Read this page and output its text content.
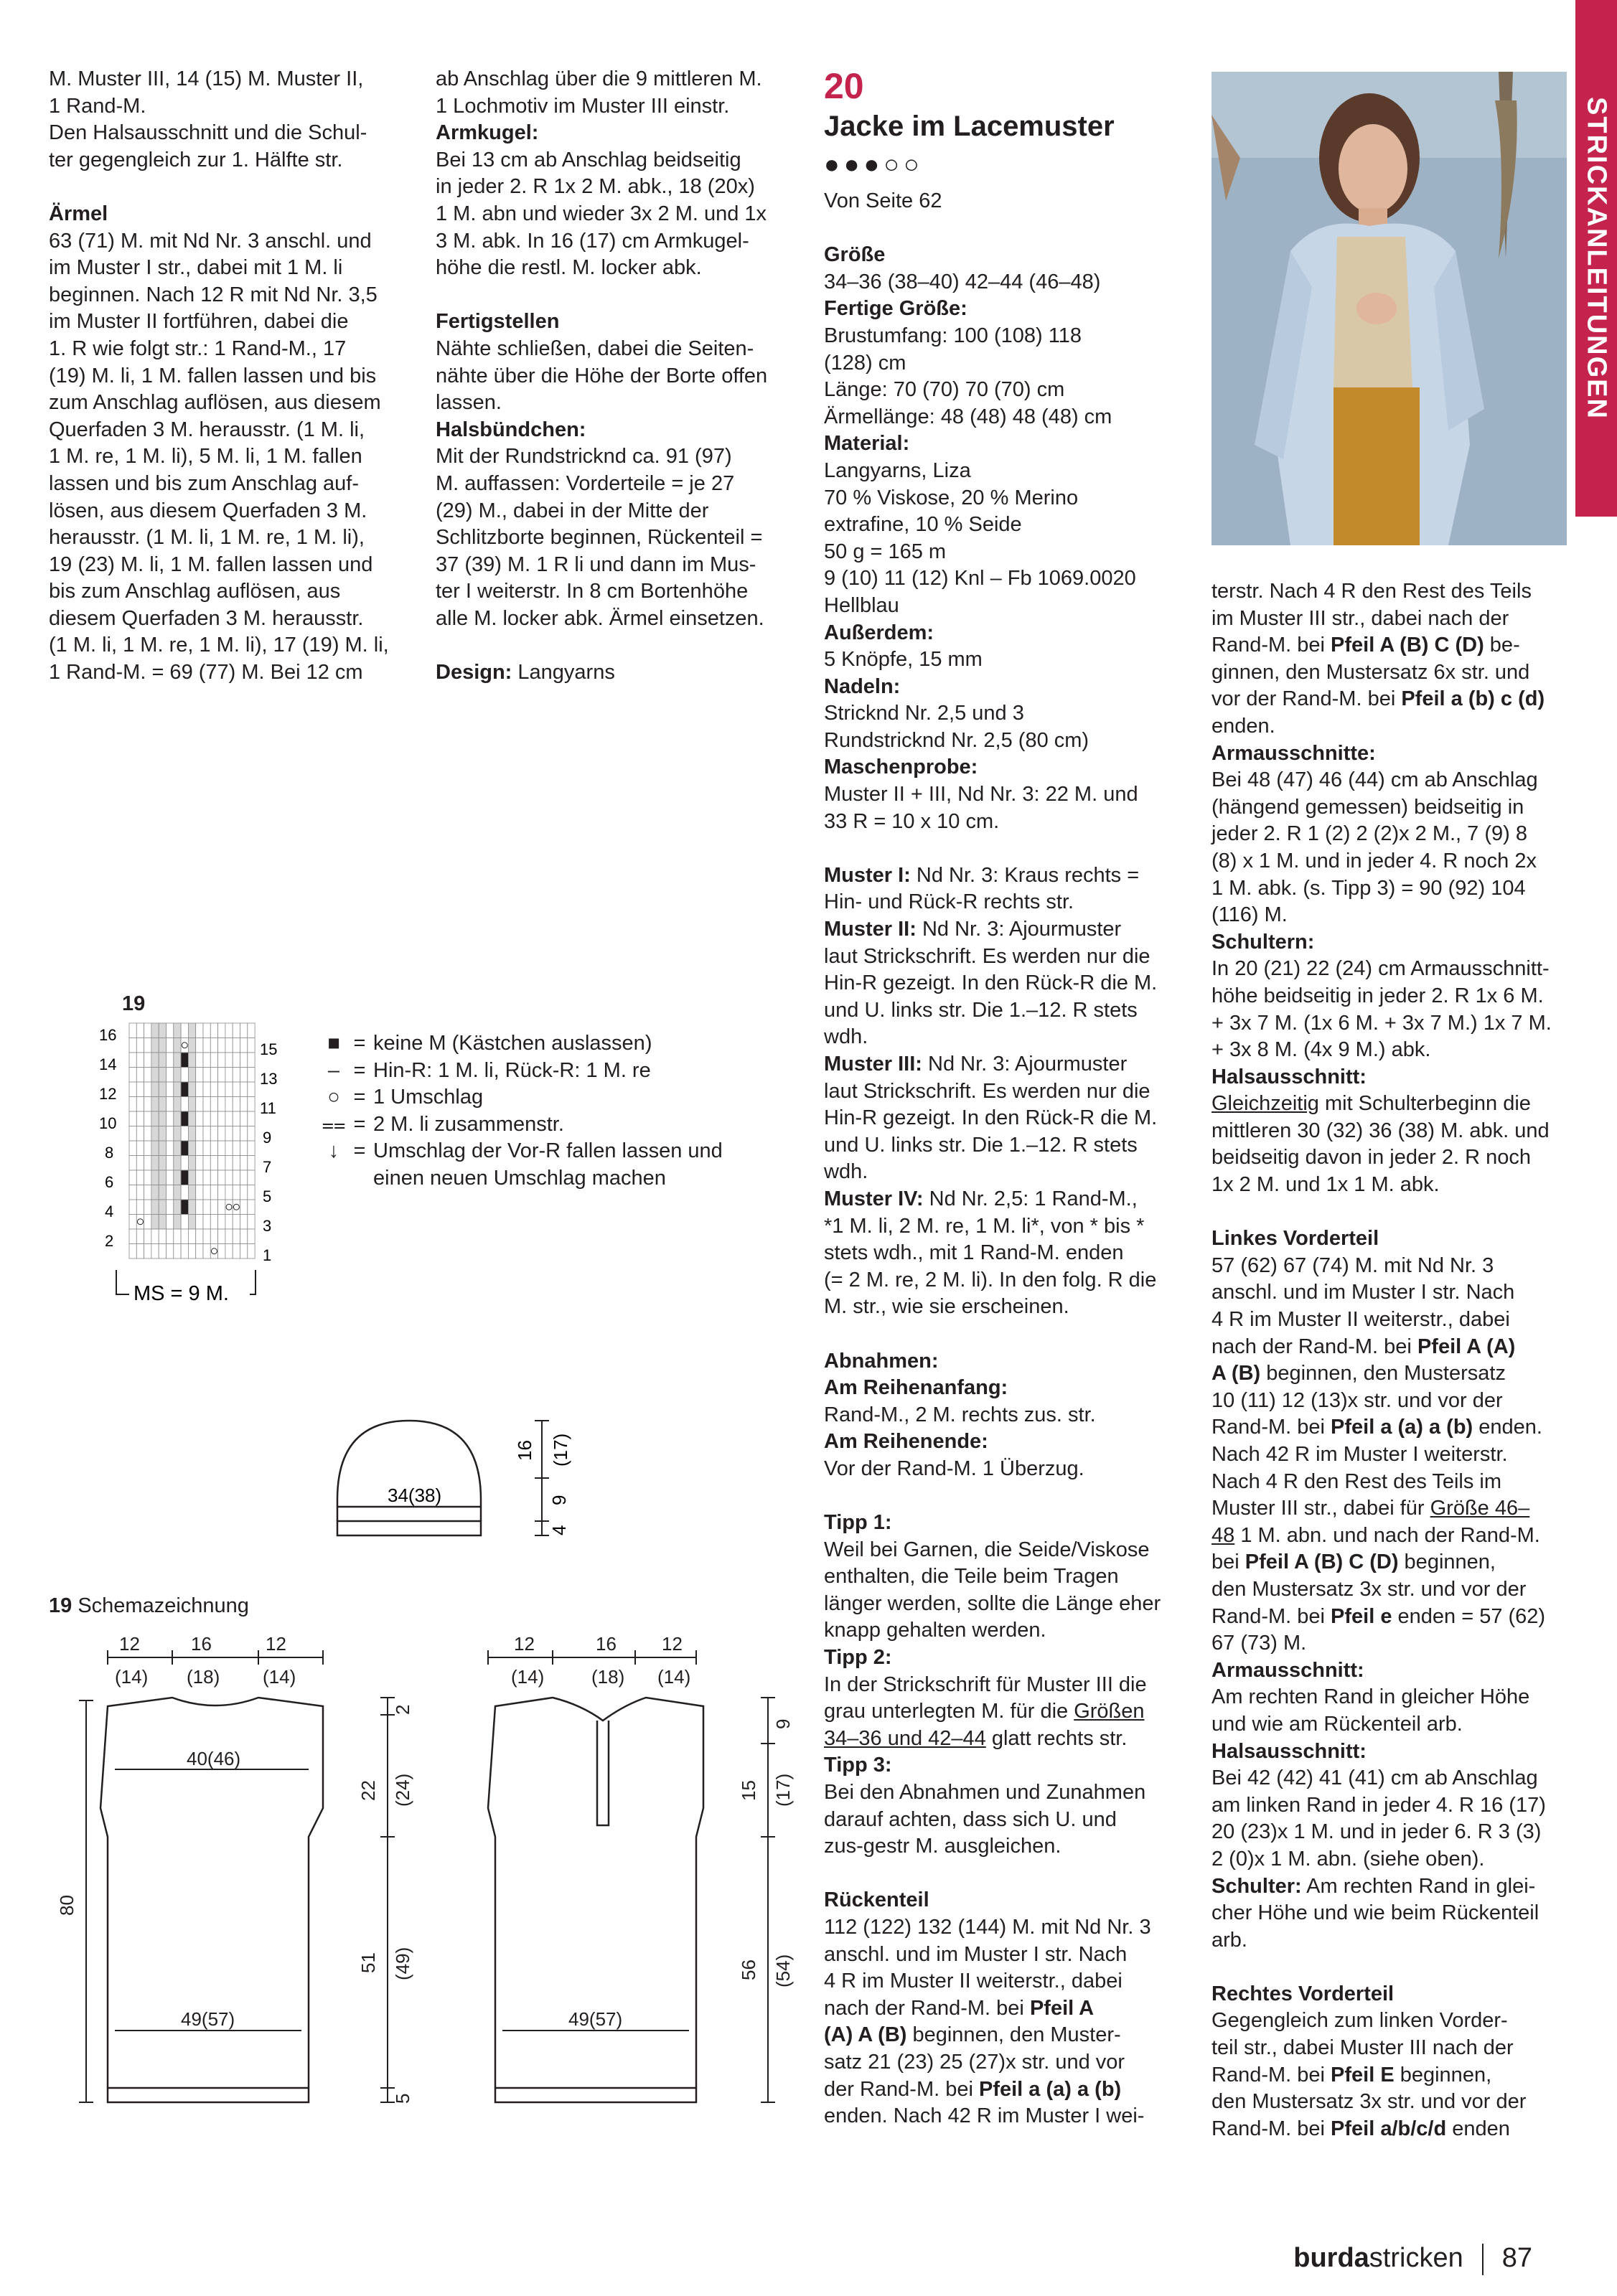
STRICKANLEITUNGEN

M. Muster III, 14 (15) M. Muster II,

1 Rand-M.

Den Halsausschnitt und die Schul-

ter gegengleich zur 1. Hälfte str.

Ärmel

63 (71) M. mit Nd Nr. 3 anschl. und

im Muster I str., dabei mit 1 M. li

beginnen. Nach 12 R mit Nd Nr. 3,5

im Muster II fortführen, dabei die

1. R wie folgt str.: 1 Rand-M., 17

(19) M. li, 1 M. fallen lassen und bis

zum Anschlag auflösen, aus diesem

Querfaden 3 M. herausstr. (1 M. li,

1 M. re, 1 M. li), 5 M. li, 1 M. fallen

lassen und bis zum Anschlag auf-

lösen, aus diesem Querfaden 3 M.

herausstr. (1 M. li, 1 M. re, 1 M. li),

19 (23) M. li, 1 M. fallen lassen und

bis zum Anschlag auflösen, aus

diesem Querfaden 3 M. herausstr.

(1 M. li, 1 M. re, 1 M. li), 17 (19) M. li,

1 Rand-M. = 69 (77) M. Bei 12 cm

ab Anschlag über die 9 mittleren M.

1 Lochmotiv im Muster III einstr.

Armkugel:

Bei 13 cm ab Anschlag beidseitig

in jeder 2. R 1x 2 M. abk., 18 (20x)

1 M. abn und wieder 3x 2 M. und 1x

3 M. abk. In 16 (17) cm Armkugel-

höhe die restl. M. locker abk.

Fertigstellen

Nähte schließen, dabei die Seiten-

nähte über die Höhe der Borte offen

lassen.

Halsbündchen:

Mit der Rundstricknd ca. 91 (97)

M. auffassen: Vorderteile = je 27

(29) M., dabei in der Mitte der

Schlitzborte beginnen, Rückenteil =

37 (39) M. 1 R li und dann im Mus-

ter I weiterstr. In 8 cm Bortenhöhe

alle M. locker abk. Ärmel einsetzen.

Design: Langyarns

20
Jacke im Lacemuster
●●●○○

Von Seite 62

Größe

34–36 (38–40) 42–44 (46–48)

Fertige Größe:

Brustumfang: 100 (108) 118

(128) cm

Länge: 70 (70) 70 (70) cm

Ärmellänge: 48 (48) 48 (48) cm

Material:

Langyarns, Liza

70 % Viskose, 20 % Merino

extrafine, 10 % Seide

50 g = 165 m

9 (10) 11 (12) Knl – Fb 1069.0020

Hellblau

Außerdem:

5 Knöpfe, 15 mm

Nadeln:

Stricknd Nr. 2,5 und 3

Rundstricknd Nr. 2,5 (80 cm)

Maschenprobe:

Muster II + III, Nd Nr. 3: 22 M. und

33 R = 10 x 10 cm.

Muster I: Nd Nr. 3: Kraus rechts =

Hin- und Rück-R rechts str.

Muster II: Nd Nr. 3: Ajourmuster

laut Strickschrift. Es werden nur die

Hin-R gezeigt. In den Rück-R die M.

und U. links str. Die 1.–12. R stets

wdh.

Muster III: Nd Nr. 3: Ajourmuster

laut Strickschrift. Es werden nur die

Hin-R gezeigt. In den Rück-R die M.

und U. links str. Die 1.–12. R stets

wdh.

Muster IV: Nd Nr. 2,5: 1 Rand-M.,

*1 M. li, 2 M. re, 1 M. li*, von * bis *

stets wdh., mit 1 Rand-M. enden

(= 2 M. re, 2 M. li). In den folg. R die

M. str., wie sie erscheinen.

Abnahmen:

Am Reihenanfang:

Rand-M., 2 M. rechts zus. str.

Am Reihenende:

Vor der Rand-M. 1 Überzug.

Tipp 1:

Weil bei Garnen, die Seide/Viskose

enthalten, die Teile beim Tragen

länger werden, sollte die Länge eher

knapp gehalten werden.

Tipp 2:

In der Strickschrift für Muster III die

grau unterlegten M. für die Größen

34–36 und 42–44 glatt rechts str.

Tipp 3:

Bei den Abnahmen und Zunahmen

darauf achten, dass sich U. und

zus-gestr M. ausgleichen.

Rückenteil

112 (122) 132 (144) M. mit Nd Nr. 3

anschl. und im Muster I str. Nach

4 R im Muster II weiterstr., dabei

nach der Rand-M. bei Pfeil A

(A) A (B) beginnen, den Muster-

satz 21 (23) 25 (27)x str. und vor

der Rand-M. bei Pfeil a (a) a (b)

enden. Nach 42 R im Muster I wei-

terstr. Nach 4 R den Rest des Teils

im Muster III str., dabei nach der

Rand-M. bei Pfeil A (B) C (D) be-

ginnen, den Mustersatz 6x str. und

vor der Rand-M. bei Pfeil a (b) c (d)

enden.

Armausschnitte:

Bei 48 (47) 46 (44) cm ab Anschlag

(hängend gemessen) beidseitig in

jeder 2. R 1 (2) 2 (2)x 2 M., 7 (9) 8

(8) x 1 M. und in jeder 4. R noch 2x

1 M. abk. (s. Tipp 3) = 90 (92) 104

(116) M.

Schultern:

In 20 (21) 22 (24) cm Armausschnitt-

höhe beidseitig in jeder 2. R 1x 6 M.

+ 3x 7 M. (1x 6 M. + 3x 7 M.) 1x 7 M.

+ 3x 8 M. (4x 9 M.) abk.

Halsausschnitt:

Gleichzeitig mit Schulterbeginn die

mittleren 30 (32) 36 (38) M. abk. und

beidseitig davon in jeder 2. R noch

1x 2 M. und 1x 1 M. abk.

Linkes Vorderteil

57 (62) 67 (74) M. mit Nd Nr. 3

anschl. und im Muster I str. Nach

4 R im Muster II weiterstr., dabei

nach der Rand-M. bei Pfeil A (A)

A (B) beginnen, den Mustersatz

10 (11) 12 (13)x str. und vor der

Rand-M. bei Pfeil a (a) a (b) enden.

Nach 42 R im Muster I weiterstr.

Nach 4 R den Rest des Teils im

Muster III str., dabei für Größe 46–

48 1 M. abn. und nach der Rand-M.

bei Pfeil A (B) C (D) beginnen,

den Mustersatz 3x str. und vor der

Rand-M. bei Pfeil e enden = 57 (62)

67 (73) M.

Armausschnitt:

Am rechten Rand in gleicher Höhe

und wie am Rückenteil arb.

Halsausschnitt:

Bei 42 (42) 41 (41) cm ab Anschlag

am linken Rand in jeder 4. R 16 (17)

20 (23)x 1 M. und in jeder 6. R 3 (3)

2 (0)x 1 M. abn. (siehe oben).

Schulter: Am rechten Rand in glei-

cher Höhe und wie beim Rückenteil

arb.

Rechtes Vorderteil

Gegengleich zum linken Vorder-

teil str., dabei Muster III nach der

Rand-M. bei Pfeil E beginnen,

den Mustersatz 3x str. und vor der

Rand-M. bei Pfeil a/b/c/d enden

19
16
14
12
10
8
6
4
2
15
13
11
9
7
5
3
1
MS = 9 M.
■ = keine M (Kästchen auslassen)
– = Hin-R: 1 M. li, Rück-R: 1 M. re
○ = 1 Umschlag
⩵ = 2 M. li zusammenstr.
↓ = Umschlag der Vor-R fallen lassen und
einen neuen Umschlag machen
34(38)
16 (17)
9
4
19 Schemazeichnung
12
(14)
16
(18)
12
(14)
40(46)
49(57)
80
2
22 (24)
51 (49)
5
12
(14)
16
(18)
12
(14)
49(57)
9
15 (17)
56 (54)
burdastricken 87
